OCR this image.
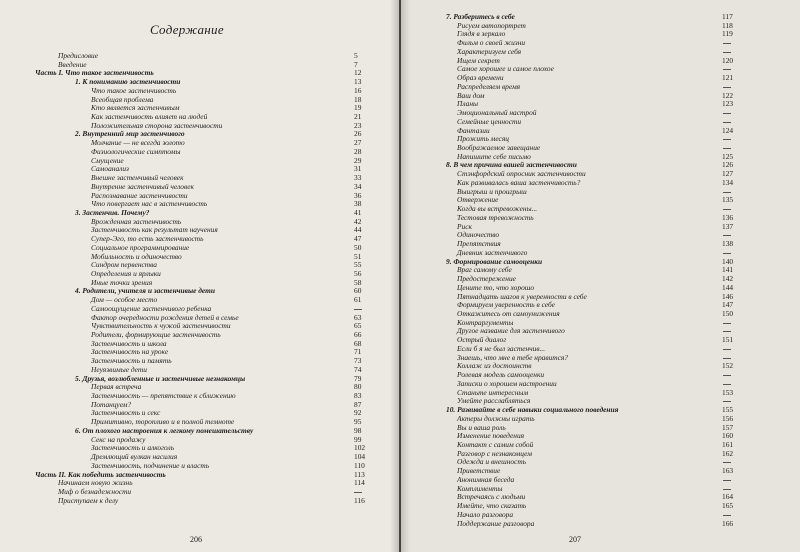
Содержание
Предисловие	5
Введение	7
Часть I. Что такое застенчивость	12
1. К пониманию застенчивости	13
Что такое застенчивость	16
Всеобщая проблема	18
Кто является застенчивым	19
Как застенчивость влияет на людей	21
Положительная сторона застенчивости	23
2. Внутренний мир застенчивого	26
Молчание — не всегда золото	27
Физиологические симптомы	28
Смущение	29
Самоанализ	31
Внешне застенчивый человек	33
Внутренне застенчивый человек	34
Распознавание застенчивости	36
Что повергает нас в застенчивость	38
3. Застенчив. Почему?	41
Врожденная застенчивость	42
Застенчивость как результат научения	44
Супер-Эго, то есть застенчивость	47
Социальное программирование	50
Мобильность и одиночество	51
Синдром первенства	55
Определения и ярлыки	56
Иные точки зрения	58
4. Родители, учителя и застенчивые дети	60
Дом — особое место	61
Самоощущение застенчивого ребенка
Фактор очередности рождения детей в семье	63
Чувствительность к чужой застенчивости	65
Родители, формирующие застенчивость	66
Застенчивость и школа	68
Застенчивость на уроке	71
Застенчивость и память	73
Неуязвимые дети	74
5. Друзья, возлюбленные и застенчивые незнакомцы	79
Первая встреча	80
Застенчивость — препятствие к сближению	83
Потанцуем?	87
Застенчивость и секс	92
Примитивно, торопливо и в полной темноте	95
6. От плохого настроения к легкому помешательству	98
Секс на продажу	99
Застенчивость и алкоголь	102
Дремлющий вулкан насилия	104
Застенчивость, подчинение и власть	110
Часть II. Как победить застенчивость	113
Начинаем новую жизнь	114
Миф о безнадежности
Приступаем к делу	116
206
7. Разберитесь в себе	117
Рисуем автопортрет	118
Глядя в зеркало	119
Фильм о своей жизни
Характеризуем себя
Ищем секрет	120
Самое хорошее и самое плохое
Образ времени	121
Распределяем время
Ваш дом	122
Планы	123
Эмоциональный настрой
Семейные ценности
Фантазии	124
Прожить месяц
Воображаемое завещание
Напишите себе письмо	125
8. В чем причина вашей застенчивости	126
Стэнфордский опросник застенчивости	127
Как развивалась ваша застенчивость?	134
Выигрыш и проигрыш
Отвержение	135
Когда вы встревожены...
Тестовая тревожность	136
Риск	137
Одиночество
Препятствия	138
Дневник застенчивого
9. Формирование самооценки	140
Враг самому себе	141
Предостережение	142
Цените то, что хорошо	144
Пятнадцать шагов к уверенности в себе	146
Формируем уверенность в себе	147
Откажитесь от самоунижения	150
Контраргументы
Другое название для застенчивого
Острый диалог	151
Если б я не был застенчив...
Знаешь, что мне в тебе нравится?
Коллаж из достоинств	152
Ролевая модель самооценки
Записки о хорошем настроении
Станьте интересным	153
Умейте расслабляться
10. Развивайте в себе навыки социального поведения	155
Актеры должны играть	156
Вы и ваша роль	157
Изменение поведения	160
Контакт с самим собой	161
Разговор с незнакомцем	162
Одежда и внешность
Приветствие	163
Анонимная беседа
Комплименты
Встречаясь с людьми	164
Имейте, что сказать	165
Начало разговора
Поддержание разговора	166
207
